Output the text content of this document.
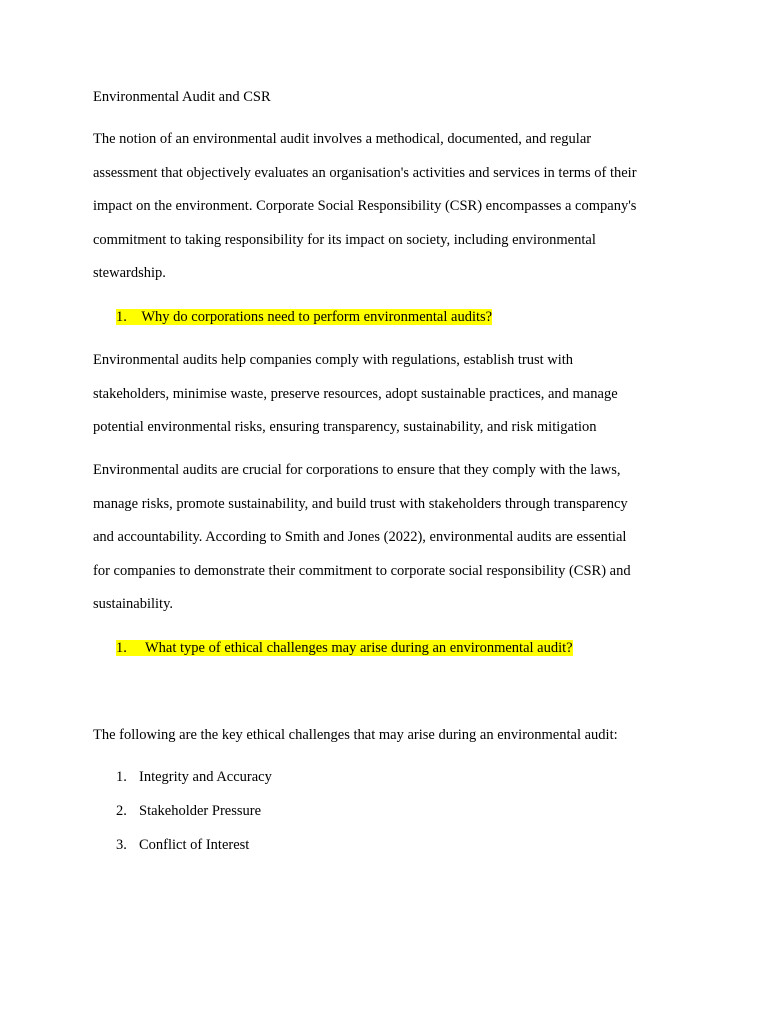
Environmental Audit and CSR
The notion of an environmental audit involves a methodical, documented, and regular
assessment that objectively evaluates an organisation's activities and services in terms of their
impact on the environment. Corporate Social Responsibility (CSR) encompasses a company's
commitment to taking responsibility for its impact on society, including environmental
stewardship.
1. Why do corporations need to perform environmental audits?
Environmental audits help companies comply with regulations, establish trust with
stakeholders, minimise waste, preserve resources, adopt sustainable practices, and manage
potential environmental risks, ensuring transparency, sustainability, and risk mitigation
Environmental audits are crucial for corporations to ensure that they comply with the laws,
manage risks, promote sustainability, and build trust with stakeholders through transparency
and accountability. According to Smith and Jones (2022), environmental audits are essential
for companies to demonstrate their commitment to corporate social responsibility (CSR) and
sustainability.
1. What type of ethical challenges may arise during an environmental audit?
The following are the key ethical challenges that may arise during an environmental audit:
1. Integrity and Accuracy
2. Stakeholder Pressure
3. Conflict of Interest
